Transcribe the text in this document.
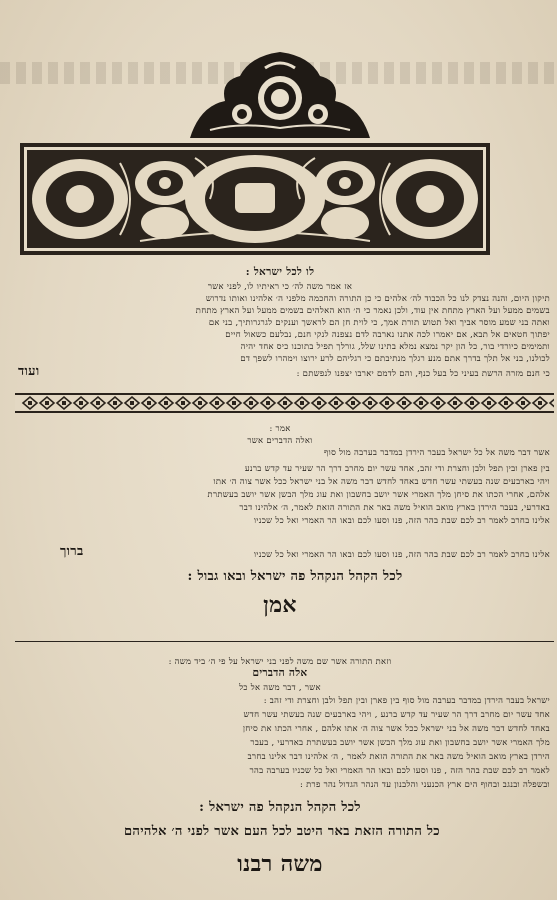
לו לכל ישראל :
אז אמר משה לה׳ כי ראיתיו לו, לפני אשר
תיקון היום, והנה נצדק לנו כל הכבוד לה׳ אלהים כי כן התורה והחכמה מלפני ה׳ אלהינו ואותו נדרוש
בשמים ממעל ועל הארץ מתחת אין עוד, ולכן נאמר כי ה׳ הוא האלהים בשמים ממעל ועל הארץ מתחת
ואתה בני שמע מוסר אביך ואל תטוש תורת אמך, כי לוית חן הם לראשך וענקים לגרגרותיך, בני אם
יפתוך חטאים אל תבא, אם יאמרו לכה אתנו נארבה לדם נצפנה לנקי חנם, נבלעם כשאול חיים
ותמימים כיורדי בור, כל הון יקר נמצא נמלא בתינו שלל, גורלך תפיל בתוכנו כיס אחד יהיה
לכולנו, בני אל תלך בדרך אתם מנע רגלך מנתיבתם כי רגליהם לרע ירוצו וימהרו לשפך דם
כי חנם מזרה הרשת בעיני כל בעל כנף, והם לדמם יארבו יצפנו לנפשתם :
ועוד
אמר :
ואלה הדברים אשר
אשר דבר משה אל כל ישראל בעבר הירדן במדבר בערבה מול סוף
בין פארן ובין תפל ולבן וחצרת ודי זהב, אחד עשר יום מחרב דרך הר שעיר עד קדש ברנע
ויהי בארבעים שנה בעשתי עשר חדש באחד לחדש דבר משה אל בני ישראל ככל אשר צוה ה׳ אתו
אלהם, אחרי הכתו את סיחן מלך האמרי אשר יושב בחשבון ואת עוג מלך הבשן אשר יושב בעשתרת
באדרעי, בעבר הירדן בארץ מואב הואיל משה באר את התורה הזאת לאמר, ה׳ אלהינו דבר
אלינו בחרב לאמר רב לכם שבת בהר הזה, פנו וסעו לכם ובאו הר האמרי ואל כל שכניו
ברוך	אלינו בחרב לאמר רב לכם שבת בהר הזה, פנו וסעו לכם ובאו הר האמרי ואל כל שכניו
לכל הקהל הנקהל פה ישראל ובאו גבול :
אמן
וזאת התורה אשר שם משה לפני בני ישראל על פי ה׳ ביד משה :
אלה הדברים
אשר , דבר משה אל כל
ישראל בעבר הירדן במדבר בערבה מול סוף בין פארן ובין תפל ולבן וחצרת ודי זהב :
אחד עשר יום מחרב דרך הר שעיר עד קדש ברנע , ויהי בארבעים שנה בעשתי עשר חדש
באחד לחדש דבר משה אל בני ישראל ככל אשר צוה ה׳ אתו אלהם , אחרי הכתו את סיחן
מלך האמרי אשר יושב בחשבון ואת עוג מלך הבשן אשר יושב בעשתרת באדרעי , בעבר
הירדן בארץ מואב הואיל משה באר את התורה הזאת לאמר , ה׳ אלהינו דבר אלינו בחרב
לאמר רב לכם שבת בהר הזה , פנו וסעו לכם ובאו הר האמרי ואל כל שכניו בערבה בהר
ובשפלה ובנגב ובחוף הים ארץ הכנעני והלבנון עד הנהר הגדול נהר פרת :
לכל הקהל הנקהל פה ישראל :
כל התורה הזאת באר היטב לכל העם אשר לפני ה׳ אלהיהם
משה רבנו
